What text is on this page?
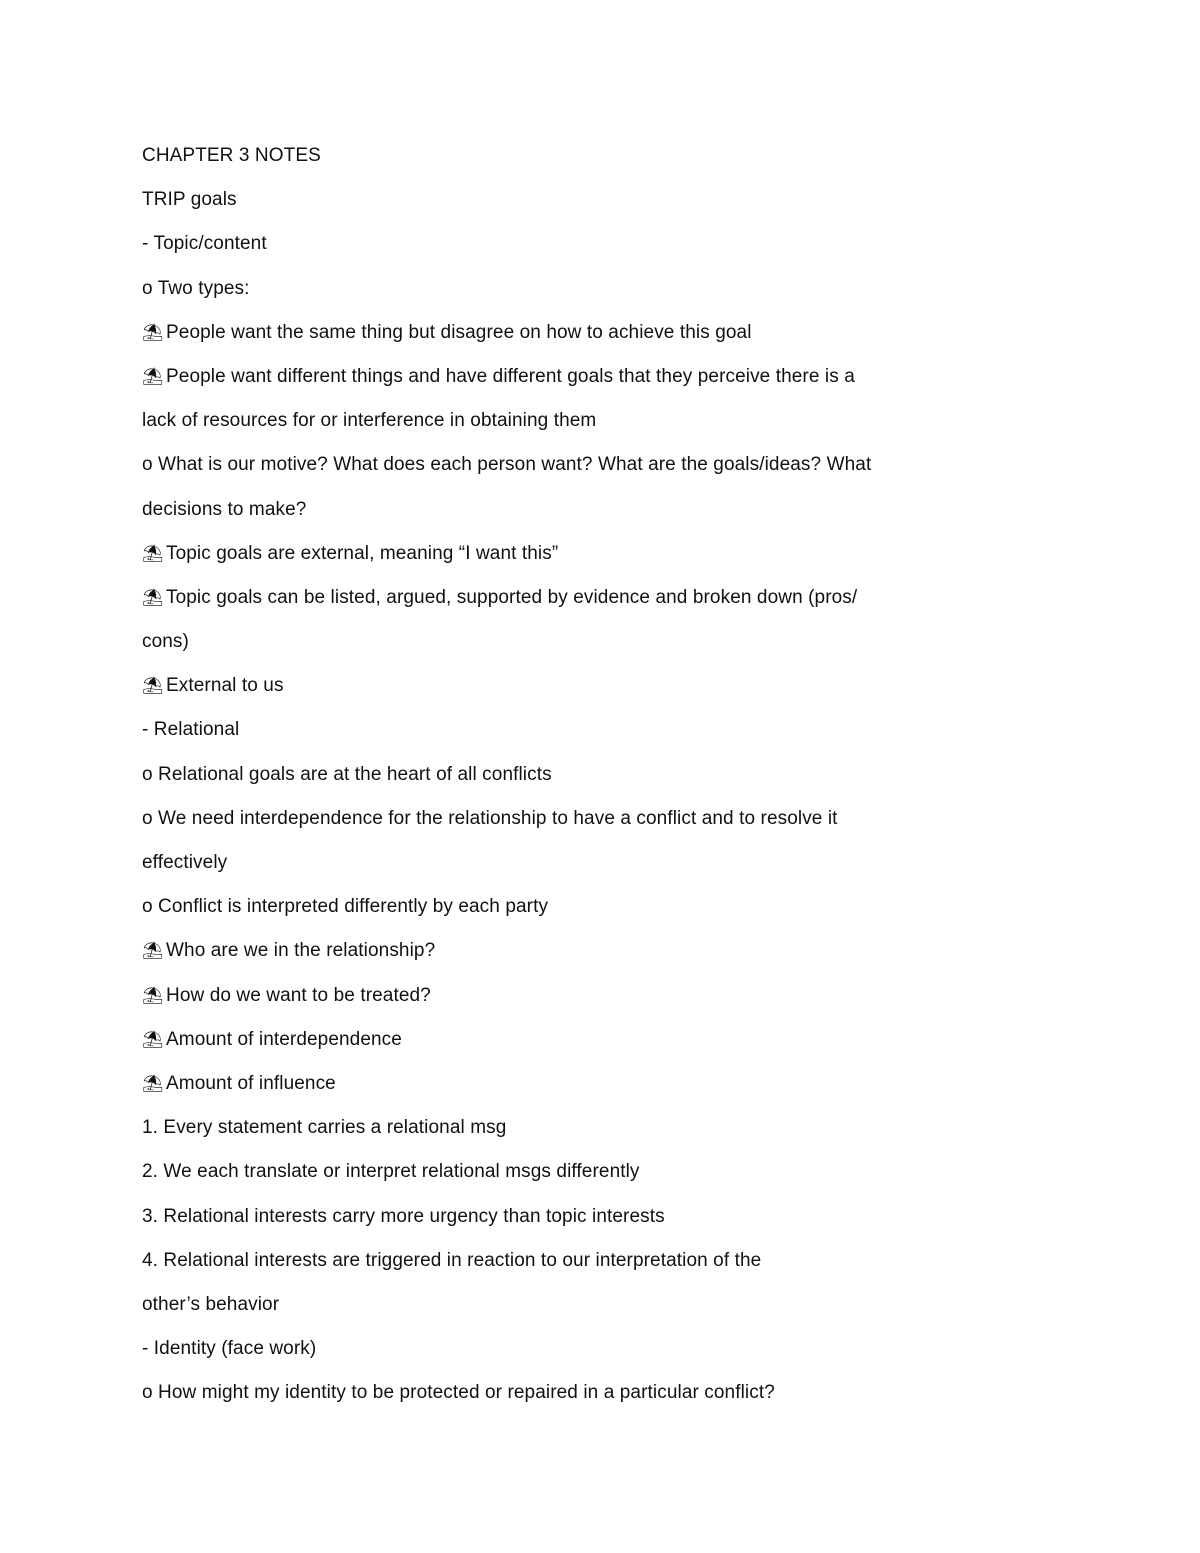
CHAPTER 3 NOTES
TRIP goals
- Topic/content
o Two types:
⛱ People want the same thing but disagree on how to achieve this goal
⛱ People want different things and have different goals that they perceive there is a
lack of resources for or interference in obtaining them
o What is our motive? What does each person want? What are the goals/ideas? What
decisions to make?
⛱ Topic goals are external, meaning “I want this”
⛱ Topic goals can be listed, argued, supported by evidence and broken down (pros/
cons)
⛱ External to us
- Relational
o Relational goals are at the heart of all conflicts
o We need interdependence for the relationship to have a conflict and to resolve it
effectively
o Conflict is interpreted differently by each party
⛱ Who are we in the relationship?
⛱ How do we want to be treated?
⛱ Amount of interdependence
⛱ Amount of influence
1. Every statement carries a relational msg
2. We each translate or interpret relational msgs differently
3. Relational interests carry more urgency than topic interests
4. Relational interests are triggered in reaction to our interpretation of the
other’s behavior
- Identity (face work)
o How might my identity to be protected or repaired in a particular conflict?
